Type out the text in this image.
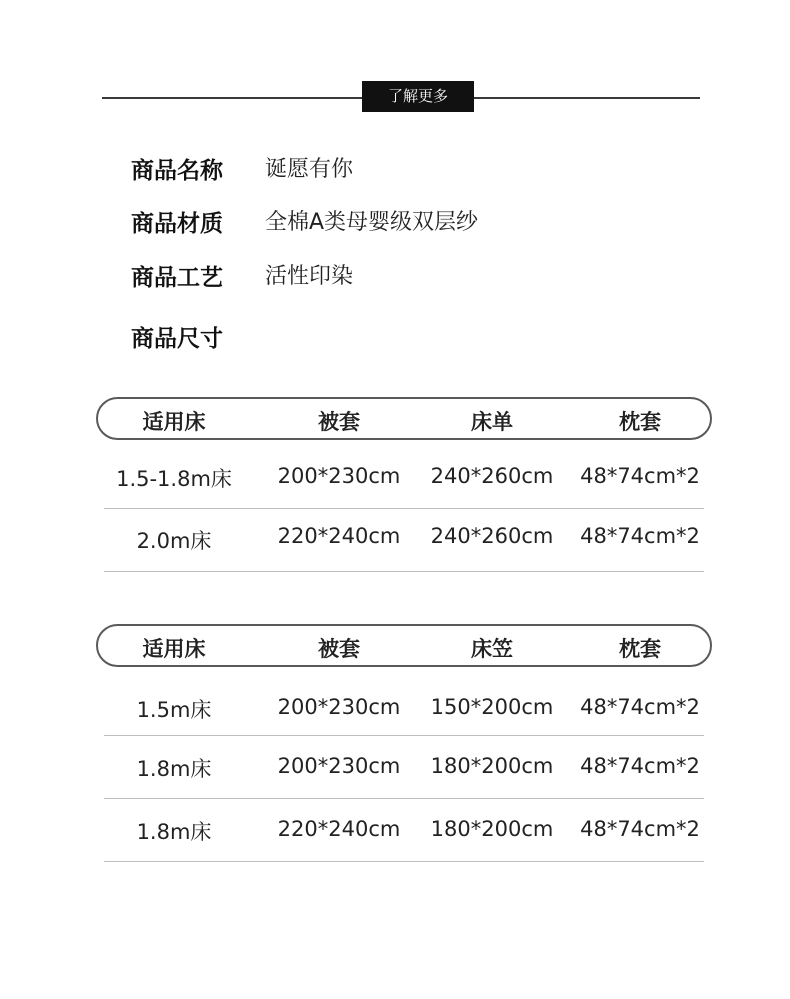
了解更多
商品名称 诞愿有你
商品材质 全棉A类母婴级双层纱
商品工艺 活性印染
商品尺寸
适用床	被套	床单	枕套
1.5-1.8m床	200*230cm	240*260cm	48*74cm*2
2.0m床	220*240cm	240*260cm	48*74cm*2
适用床	被套	床笠	枕套
1.5m床	200*230cm	150*200cm	48*74cm*2
1.8m床	200*230cm	180*200cm	48*74cm*2
1.8m床	220*240cm	180*200cm	48*74cm*2
